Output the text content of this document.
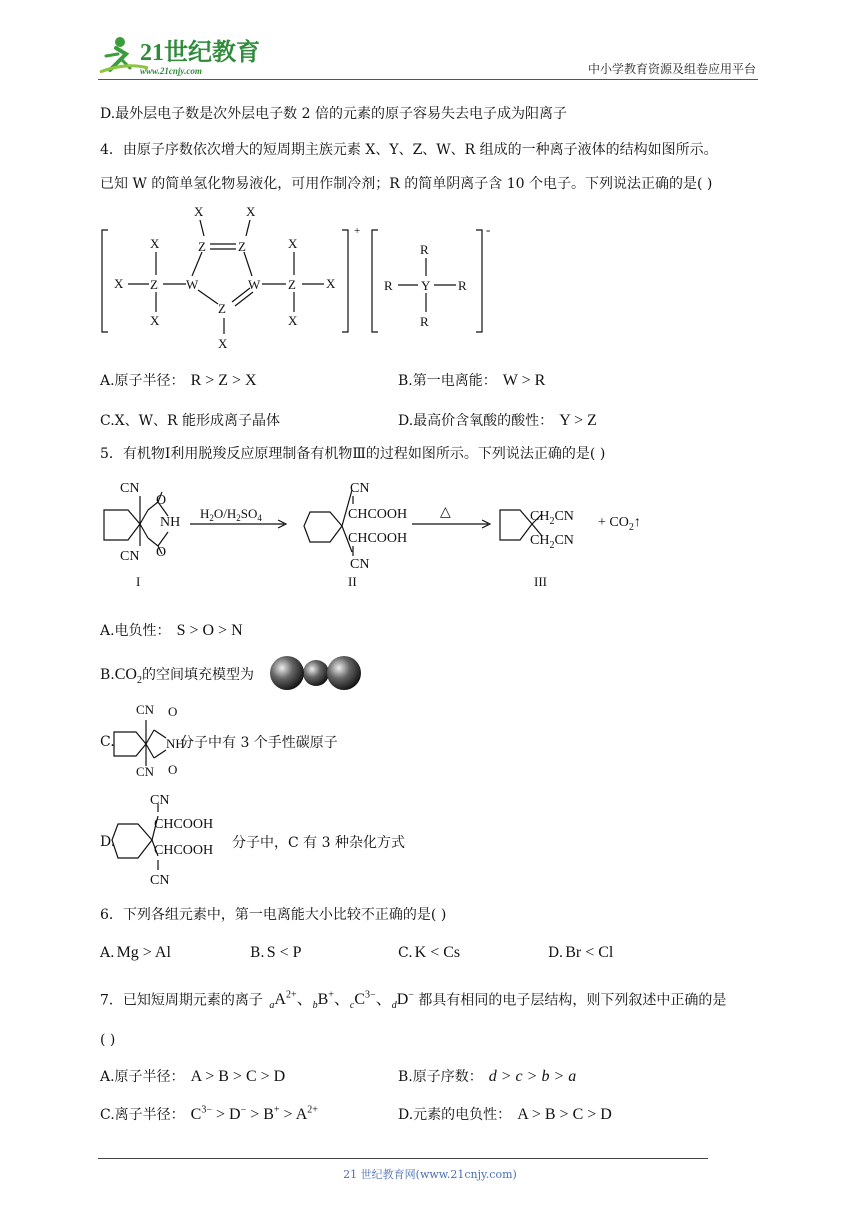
21世纪教育
www.21cnjy.com	中小学教育资源及组卷应用平台
D.最外层电子数是次外层电子数 2 倍的元素的原子容易失去电子成为阳离子
4．由原子序数依次增大的短周期主族元素 X、Y、Z、W、R 组成的一种离子液体的结构如图所示。
已知 W 的简单氢化物易液化，可用作制冷剂；R 的简单阴离子含 10 个电子。下列说法正确的是( )
X
X Z
X
W
Z Z
X	X
Z
X
W
X
Z
X
X
R
R Y R
R
+	-
A.原子半径： R > Z > X	B.第一电离能： W > R
C.X、W、R 能形成离子晶体	D.最高价含氧酸的酸性： Y > Z
5．有机物Ⅰ利用脱羧反应原理制备有机物Ⅲ的过程如图所示。下列说法正确的是( )
CN
O
NH
O
CN
CN
CHCOOH
CHCOOH
CN
$CH_2CN$
$CH_2CN$
+ $CO_2↑$
$H_2O/H_2SO_4$	△
I	II	III
A.电负性： S > O > N
$B.CO_2$的空间填充模型为
C.
CN O
NH
O
CN
分子中有 3 个手性碳原子
D.
CN
CHCOOH
CHCOOH
CN
分子中，C 有 3 种杂化方式
6．下列各组元素中，第一电离能大小比较不正确的是( )
A. Mg > Al	B. S < P	C. K < Cs	D. Br < Cl
7．已知短周期元素的离子 $_aA^{2+}$、$_b$B+、$_cC^{3-}$、$_d$D− 都具有相同的电子层结构，则下列叙述中正确的是
( )
A.原子半径： A > B > C > D	B.原子序数： d > c > b > a
C.离子半径： $C^{3-} > D^- > B^+ > A^{2+}$	D.元素的电负性： A > B > C > D
21 世纪教育网(www.21cnjy.com)
